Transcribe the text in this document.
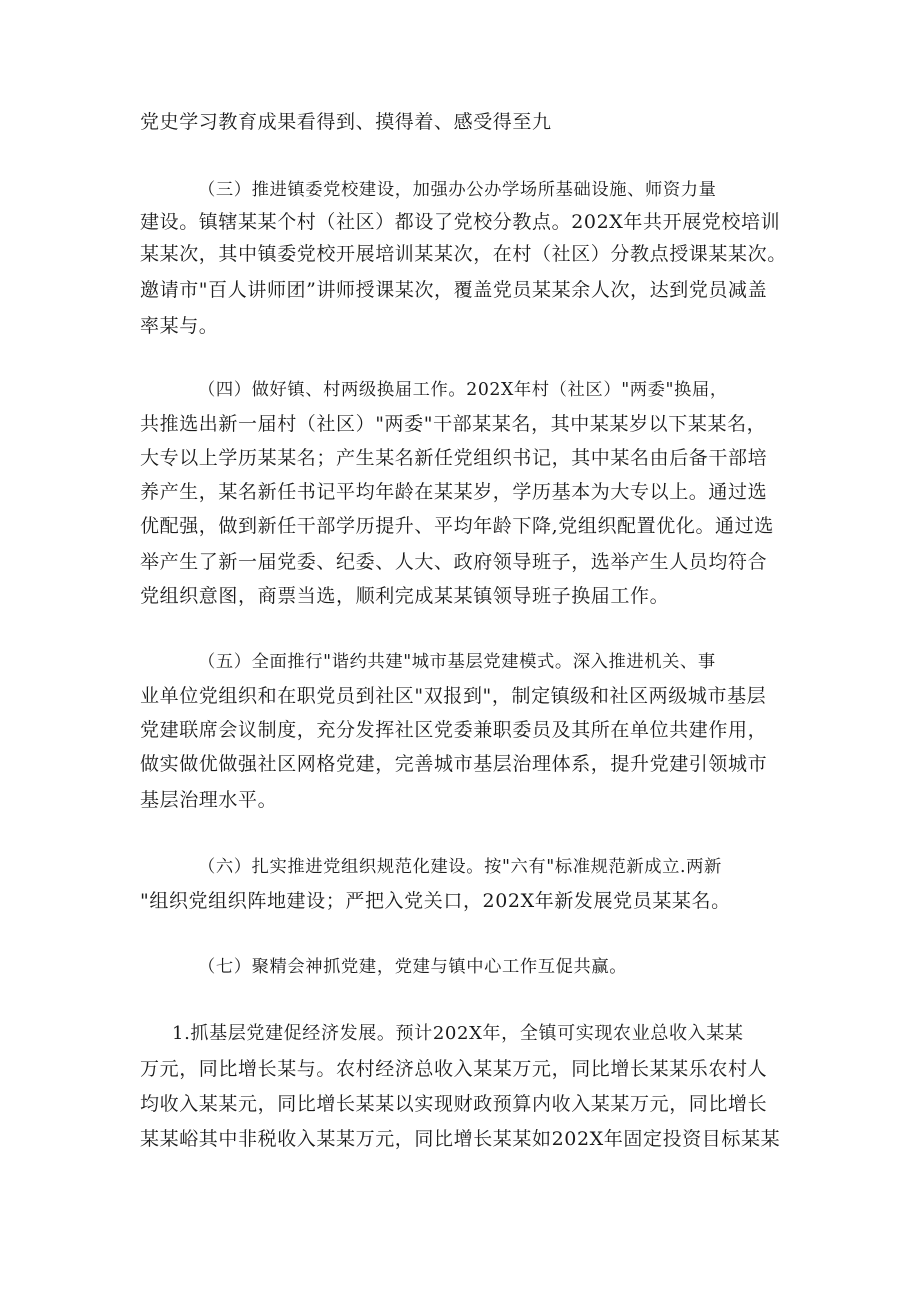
党史学习教育成果看得到、摸得着、感受得至九
（三）推进镇委党校建设，加强办公办学场所基础设施、师资力量
建设。镇辖某某个村（社区）都设了党校分教点。202X年共开展党校培训
某某次，其中镇委党校开展培训某某次，在村（社区）分教点授课某某次。
邀请市"百人讲师团”讲师授课某次，覆盖党员某某余人次，达到党员减盖
率某与。
（四）做好镇、村两级换届工作。202X年村（社区）"两委"换届，
共推选出新一届村（社区）"两委"干部某某名，其中某某岁以下某某名，
大专以上学历某某名；产生某名新任党组织书记，其中某名由后备干部培
养产生，某名新任书记平均年龄在某某岁，学历基本为大专以上。通过选
优配强，做到新任干部学历提升、平均年龄下降,党组织配置优化。通过选
举产生了新一届党委、纪委、人大、政府领导班子，选举产生人员均符合
党组织意图，商票当选，顺利完成某某镇领导班子换届工作。
（五）全面推行"谐约共建"城市基层党建模式。深入推进机关、事
业单位党组织和在职党员到社区"双报到"，制定镇级和社区两级城市基层
党建联席会议制度，充分发挥社区党委兼职委员及其所在单位共建作用，
做实做优做强社区网格党建，完善城市基层治理体系，提升党建引领城市
基层治理水平。
（六）扎实推进党组织规范化建设。按"六有"标准规范新成立.两新
"组织党组织阵地建设；严把入党关口，202X年新发展党员某某名。
（七）聚精会神抓党建，党建与镇中心工作互促共赢。
1.抓基层党建促经济发展。预计202X年，全镇可实现农业总收入某某
万元，同比增长某与。农村经济总收入某某万元，同比增长某某乐农村人
均收入某某元，同比增长某某以实现财政预算内收入某某万元，同比增长
某某峪其中非税收入某某万元，同比增长某某如202X年固定投资目标某某
